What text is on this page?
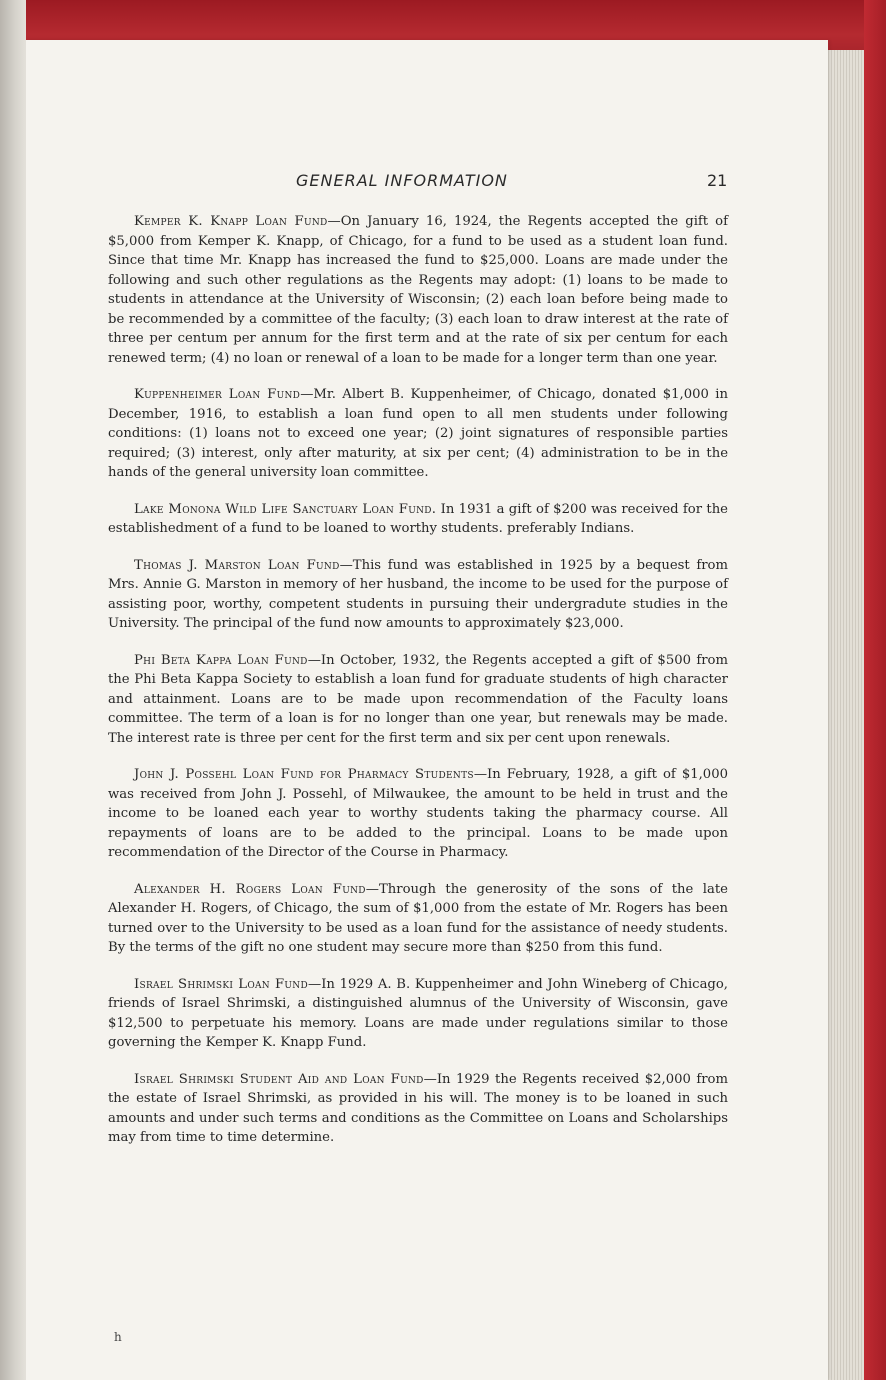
GENERAL INFORMATION	21

Kemper K. Knapp Loan Fund—On January 16, 1924, the Regents accepted the gift of $5,000 from Kemper K. Knapp, of Chicago, for a fund to be used as a student loan fund. Since that time Mr. Knapp has increased the fund to $25,000. Loans are made under the following and such other regulations as the Regents may adopt: (1) loans to be made to students in attendance at the University of Wisconsin; (2) each loan before being made to be recommended by a committee of the faculty; (3) each loan to draw interest at the rate of three per centum per annum for the first term and at the rate of six per centum for each renewed term; (4) no loan or renewal of a loan to be made for a longer term than one year.

Kuppenheimer Loan Fund—Mr. Albert B. Kuppenheimer, of Chicago, donated $1,000 in December, 1916, to establish a loan fund open to all men students under following conditions: (1) loans not to exceed one year; (2) joint signatures of responsible parties required; (3) interest, only after maturity, at six per cent; (4) administration to be in the hands of the general university loan committee.

Lake Monona Wild Life Sanctuary Loan Fund. In 1931 a gift of $200 was received for the establishedment of a fund to be loaned to worthy students. preferably Indians.

Thomas J. Marston Loan Fund—This fund was established in 1925 by a bequest from Mrs. Annie G. Marston in memory of her husband, the income to be used for the purpose of assisting poor, worthy, competent students in pursuing their undergradute studies in the University. The principal of the fund now amounts to approximately $23,000.

Phi Beta Kappa Loan Fund—In October, 1932, the Regents accepted a gift of $500 from the Phi Beta Kappa Society to establish a loan fund for graduate students of high character and attainment. Loans are to be made upon recommendation of the Faculty loans committee. The term of a loan is for no longer than one year, but renewals may be made. The interest rate is three per cent for the first term and six per cent upon renewals.

John J. Possehl Loan Fund for Pharmacy Students—In February, 1928, a gift of $1,000 was received from John J. Possehl, of Milwaukee, the amount to be held in trust and the income to be loaned each year to worthy students taking the pharmacy course. All repayments of loans are to be added to the principal. Loans to be made upon recommendation of the Director of the Course in Pharmacy.

Alexander H. Rogers Loan Fund—Through the generosity of the sons of the late Alexander H. Rogers, of Chicago, the sum of $1,000 from the estate of Mr. Rogers has been turned over to the University to be used as a loan fund for the assistance of needy students. By the terms of the gift no one student may secure more than $250 from this fund.

Israel Shrimski Loan Fund—In 1929 A. B. Kuppenheimer and John Wineberg of Chicago, friends of Israel Shrimski, a distinguished alumnus of the University of Wisconsin, gave $12,500 to perpetuate his memory. Loans are made under regulations similar to those governing the Kemper K. Knapp Fund.

Israel Shrimski Student Aid and Loan Fund—In 1929 the Regents received $2,000 from the estate of Israel Shrimski, as provided in his will. The money is to be loaned in such amounts and under such terms and conditions as the Committee on Loans and Scholarships may from time to time determine.

h
